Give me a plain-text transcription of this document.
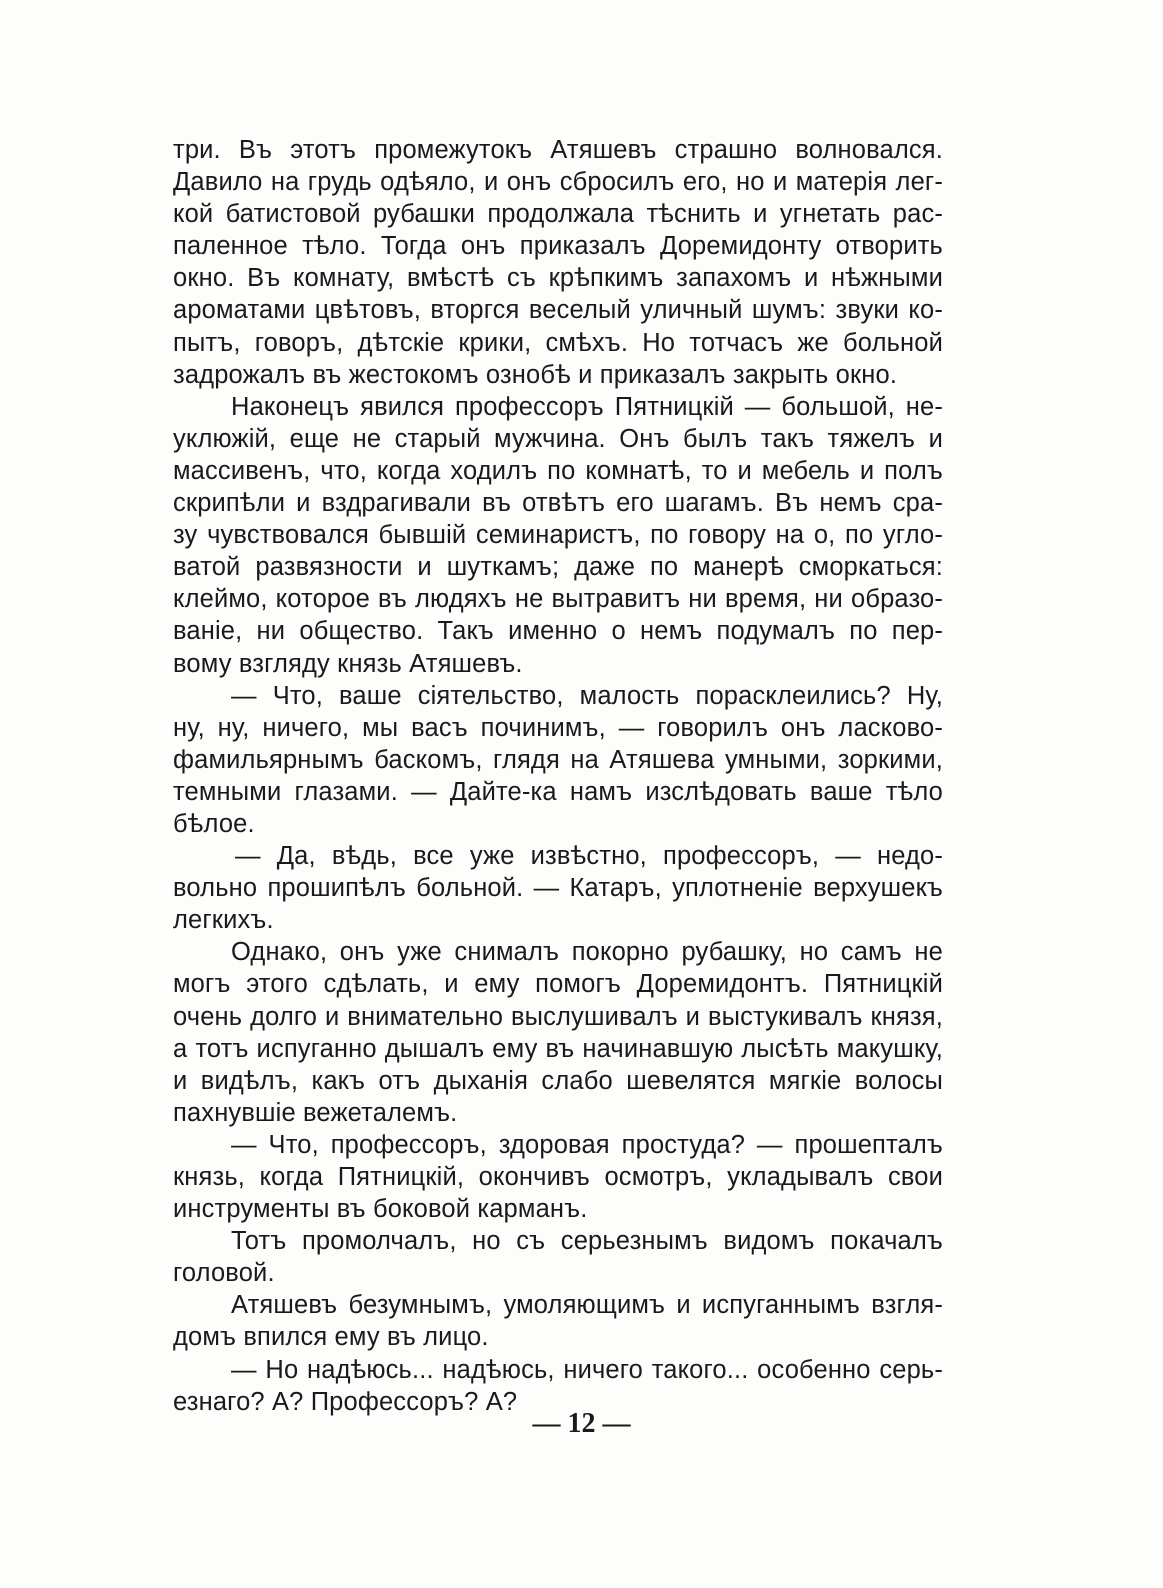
три. Въ этотъ промежутокъ Атяшевъ страшно волновался.
Давило на грудь одѣяло, и онъ сбросилъ его, но и матерія лег-
кой батистовой рубашки продолжала тѣснить и угнетать рас-
паленное тѣло. Тогда онъ приказалъ Доремидонту отворить
окно. Въ комнату, вмѣстѣ съ крѣпкимъ запахомъ и нѣжными
ароматами цвѣтовъ, вторгся веселый уличный шумъ: звуки ко-
пытъ, говоръ, дѣтскіе крики, смѣхъ. Но тотчасъ же больной
задрожалъ въ жестокомъ ознобѣ и приказалъ закрыть окно.
Наконецъ явился профессоръ Пятницкій — большой, не-
уклюжій, еще не старый мужчина. Онъ былъ такъ тяжелъ и
массивенъ, что, когда ходилъ по комнатѣ, то и мебель и полъ
скрипѣли и вздрагивали въ отвѣтъ его шагамъ. Въ немъ сра-
зу чувствовался бывшій семинаристъ, по говору на о, по угло-
ватой развязности и шуткамъ; даже по манерѣ сморкаться:
клеймо, которое въ людяхъ не вытравитъ ни время, ни образо-
ваніе, ни общество. Такъ именно о немъ подумалъ по пер-
вому взгляду князь Атяшевъ.
— Что, ваше сіятельство, малость порасклеились? Ну,
ну, ну, ничего, мы васъ починимъ, — говорилъ онъ ласково-
фамильярнымъ баскомъ, глядя на Атяшева умными, зоркими,
темными глазами. — Дайте-ка намъ изслѣдовать ваше тѣло
бѣлое.
— Да, вѣдь, все уже извѣстно, профессоръ, — недо-
вольно прошипѣлъ больной. — Катаръ, уплотненіе верхушекъ
легкихъ.
Однако, онъ уже снималъ покорно рубашку, но самъ не
могъ этого сдѣлать, и ему помогъ Доремидонтъ. Пятницкій
очень долго и внимательно выслушивалъ и выстукивалъ князя,
а тотъ испуганно дышалъ ему въ начинавшую лысѣть макушку,
и видѣлъ, какъ отъ дыханія слабо шевелятся мягкіе волосы
пахнувшіе вежеталемъ.
— Что, профессоръ, здоровая простуда? — прошепталъ
князь, когда Пятницкій, окончивъ осмотръ, укладывалъ свои
инструменты въ боковой карманъ.
Тотъ промолчалъ, но съ серьезнымъ видомъ покачалъ
головой.
Атяшевъ безумнымъ, умоляющимъ и испуганнымъ взгля-
домъ впился ему въ лицо.
— Но надѣюсь... надѣюсь, ничего такого... особенно серь-
езнаго? А? Профессоръ? А?
— 12 —
